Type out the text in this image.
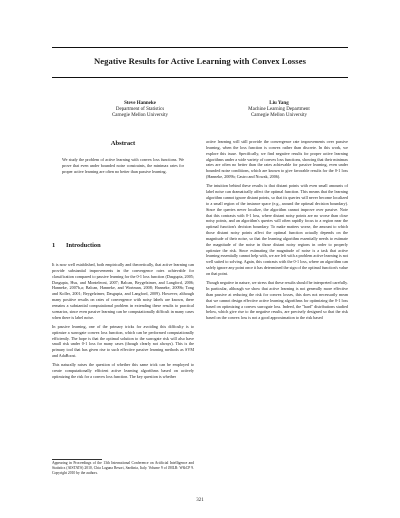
Negative Results for Active Learning with Convex Losses
Steve Hanneke
Department of Statistics
Carnegie Mellon University
Liu Yang
Machine Learning Department
Carnegie Mellon University
Abstract
We study the problem of active learning with convex loss functions. We prove that even under bounded noise constraints, the minimax rates for proper active learning are often no better than passive learning.
1 Introduction

It is now well established, both empirically and theoretically, that active learning can provide substantial improvements in the convergence rates achievable for classification compared to passive learning for the 0-1 loss function (Dasgupta, 2005; Dasgupta, Hsu, and Monteleoni, 2007; Balcan, Beygelzimer, and Langford, 2006; Hanneke, 2007b,a; Balcan, Hanneke, and Wortman, 2008; Hanneke, 2009b; Tong and Koller, 2001; Beygelzimer, Dasgupta, and Langford, 2009). However, although many positive results on rates of convergence with noisy labels are known, there remains a substantial computational problem in extending these results to practical scenarios, since even passive learning can be computationally difficult in many cases when there is label noise.

In passive learning, one of the primary tricks for avoiding this difficulty is to optimize a surrogate convex loss function, which can be performed computationally efficiently. The hope is that the optimal solution to the surrogate risk will also have small risk under 0-1 loss for many cases (though clearly not always). This is the primary tool that has given rise to such effective passive learning methods as SVM and AdaBoost.

This naturally raises the question of whether this same trick can be employed to create computationally efficient active learning algorithms based on actively optimizing the risk for a convex loss function. The key question is whether

Appearing in Proceedings of the 13th International Conference on Artificial Intelligence and Statistics (AISTATS) 2010, Chia Laguna Resort, Sardinia, Italy. Volume 9 of JMLR: W&CP 9. Copyright 2010 by the authors.

active learning will still provide the convergence rate improvements over passive learning, when the loss function is convex rather than discrete. In this work, we explore this issue. Specifically, we find negative results for proper active learning algorithms under a wide variety of convex loss functions, showing that their minimax rates are often no better than the rates achievable for passive learning, even under bounded noise conditions, which are known to give favorable results for the 0-1 loss (Hanneke, 2009b; Castro and Nowak, 2006).

The intuition behind these results is that distant points with even small amounts of label noise can dramatically affect the optimal function. This means that the learning algorithm cannot ignore distant points, so that its queries will never become localized to a small region of the instance space (e.g., around the optimal decision boundary). Since the queries never localize, the algorithm cannot improve over passive. Note that this contrasts with 0-1 loss, where distant noisy points are no worse than close noisy points, and an algorithm's queries will often rapidly focus to a region near the optimal function's decision boundary. To make matters worse, the amount to which those distant noisy points affect the optimal function actually depends on the magnitude of their noise, so that the learning algorithm essentially needs to estimate the magnitude of the noise in those distant noisy regions in order to properly optimize the risk. Since estimating the magnitude of noise is a task that active learning essentially cannot help with, we are left with a problem active learning is not well suited to solving. Again, this contrasts with the 0-1 loss, where an algorithm can safely ignore any point once it has determined the sign of the optimal function's value on that point.

Though negative in nature, we stress that these results should be interpreted carefully. In particular, although we show that active learning is not generally more effective than passive at reducing the risk for convex losses, this does not necessarily mean that we cannot design effective active learning algorithms for optimizing the 0-1 loss based on optimizing a convex surrogate loss. Indeed, the "hard" distributions studied below, which give rise to the negative results, are precisely designed so that the risk based on the convex loss is not a good approximation to the risk based

321
